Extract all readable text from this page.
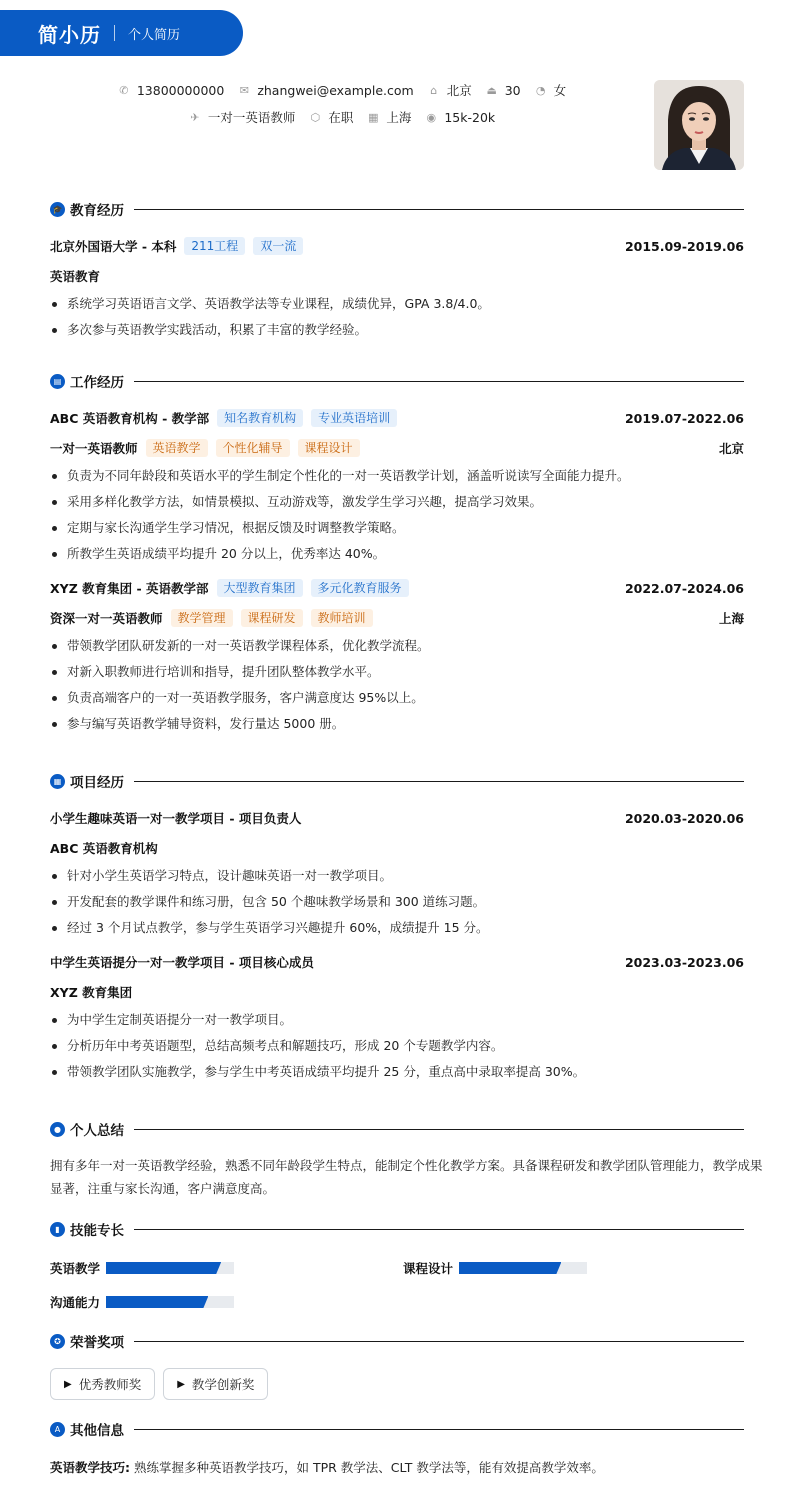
简小历 个人简历
✆ 13800000000 ✉ zhangwei@example.com ⌂ 北京 ⏏ 30 ◔ 女
✈ 一对一英语教师 ⬡ 在职 ▦ 上海 ◉ 15k-20k
🎓 教育经历
北京外国语大学 - 本科	211工程	双一流	2015.09-2019.06
英语教育
系统学习英语语言文学、英语教学法等专业课程，成绩优异，GPA 3.8/4.0。
多次参与英语教学实践活动，积累了丰富的教学经验。
▤ 工作经历
ABC 英语教育机构 - 教学部	知名教育机构	专业英语培训	2019.07-2022.06
一对一英语教师	英语教学	个性化辅导	课程设计	北京
负责为不同年龄段和英语水平的学生制定个性化的一对一英语教学计划，涵盖听说读写全面能力提升。
采用多样化教学方法，如情景模拟、互动游戏等，激发学生学习兴趣，提高学习效果。
定期与家长沟通学生学习情况，根据反馈及时调整教学策略。
所教学生英语成绩平均提升 20 分以上，优秀率达 40%。
XYZ 教育集团 - 英语教学部	大型教育集团	多元化教育服务	2022.07-2024.06
资深一对一英语教师	教学管理	课程研发	教师培训	上海
带领教学团队研发新的一对一英语教学课程体系，优化教学流程。
对新入职教师进行培训和指导，提升团队整体教学水平。
负责高端客户的一对一英语教学服务，客户满意度达 95%以上。
参与编写英语教学辅导资料，发行量达 5000 册。
▦ 项目经历
小学生趣味英语一对一教学项目 - 项目负责人	2020.03-2020.06
ABC 英语教育机构
针对小学生英语学习特点，设计趣味英语一对一教学项目。
开发配套的教学课件和练习册，包含 50 个趣味教学场景和 300 道练习题。
经过 3 个月试点教学，参与学生英语学习兴趣提升 60%，成绩提升 15 分。
中学生英语提分一对一教学项目 - 项目核心成员	2023.03-2023.06
XYZ 教育集团
为中学生定制英语提分一对一教学项目。
分析历年中考英语题型，总结高频考点和解题技巧，形成 20 个专题教学内容。
带领教学团队实施教学，参与学生中考英语成绩平均提升 25 分，重点高中录取率提高 30%。
● 个人总结
拥有多年一对一英语教学经验，熟悉不同年龄段学生特点，能制定个性化教学方案。具备课程研发和教学团队管理能力，教学成果
显著，注重与家长沟通，客户满意度高。
▮ 技能专长
英语教学	课程设计
沟通能力
✪ 荣誉奖项
▶ 优秀教师奖	▶ 教学创新奖
A 其他信息
英语教学技巧: 熟练掌握多种英语教学技巧，如 TPR 教学法、CLT 教学法等，能有效提高教学效率。
